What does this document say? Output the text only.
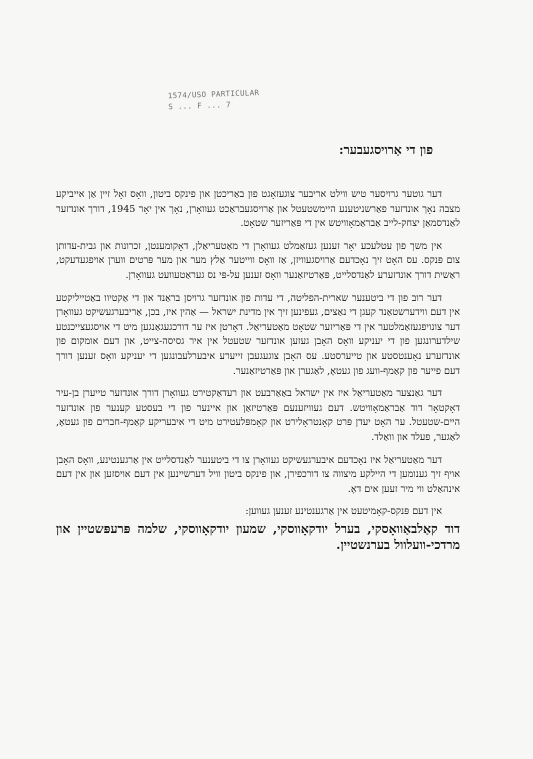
1574/USO PARTICULAR
S ... F ... 7
פון די אַרויסגעבער:

דער גוטער גרויסער טיש ווילט אריבער צוגעזאָגט פון באַריכטן און פינקס ביטון, וואָס זאָל זיין אַן אייביקע מצבה נאָך אונדזער פאַרשניטענע היימשטעטל און אַרויסגעבראַכט געוואָרן, נאָך אין יאָר 1945, דורך אונדזער לאַנדסמאַן יצחק-לייב אַבראַמאָוויטש אין די פּאַריזער שטאָט.

אין משך פון עטלעכע יאָר זענען געזאַמלט געוואָרן די מאַטעריאַלן, דאָקומענטן, זכרונות און גבית-עדותן צום פּנקס. עס האָט זיך נאָכדעם אַרויסגעוויזן, אַז וואָס ווייטער אַלץ מער און מער פּרטים ווערן אויפגעדעקט, ראַשית דורך אונדזערע לאַנדסלייט, פּאַרטיזאַנער וואָס זענען על-פּי נס געראַטעוועט געוואָרן.

דער רוב פון די ביטענער שארית-הפליטה, די עדות פון אונדזער גרויסן בראַנד און די אַקטיוו באַטייליקטע אין דעם ווידערשטאַנד קעגן די נאַצים, געפינען זיך אין מדינת ישראל — אַהין איז, בכן, אַריבערגעשיקט געוואָרן דער צונויפגעזאַמלטער אין די פּאַריזער שטאָט מאַטעריאַל. דאָרטן איז ער דורכגעגאַנגען מיט די אויסגעצייכנטע שילדערונגען פון די יעניקע וואָס האָבן געזען אונדזער שטעטל אין איר גסיסה-צייט, און דעם אומקום פון אונדזערע נאָענטסטע און טייערסטע. עס האָבן צוגעגעבן זייערע איבערלעבונגען די יעניקע וואָס זענען דורך דעם פייער פון קאַמף-וועג פון געטאָ, לאַגערן און פּאַרטיזאַנער.

דער גאַנצער מאַטעריאַל איז אין ישראל באַאַרבעט און רעדאַקטירט געוואָרן דורך אונדזער טייערן בן-עיר דאָקטאָר דוד אַבראַמאָוויטש. דעם געוויזענעם פּאַרטיזאַן און איינער פון די בעסטע קענער פון אונדזער היים-שטעטל. ער האָט יעדן פּרט קאָנטראָלירט און קאָמפּלעטירט מיט די איבעריקע קאַמף-חברים פון געטאָ, לאַגער, פעלד און וואַלד.

דער מאַטעריאַל איז נאָכדעם איבערגעשיקט געוואָרן צו די ביטענער לאַנדסלייט אין אַרגענטינע, וואָס האָבן אויף זיך גענומען די היילקע מיצווה צו דורכפירן, און פינקס ביטון וויל דערשיינען אין דעם אויסזען און אין דעם אינהאַלט ווי מיר זעען אים דאָ.

אין דעם פּנקס-קאָמיטעט אין אַרגענטינע זענען געווען:

דוד קאַלבאַוואָסקי, בערל יודקאָווסקי, שמעון יודקאָווסקי, שלמה פּרעפּשטיין און מרדכי-וועלוול בערנשטיין.
